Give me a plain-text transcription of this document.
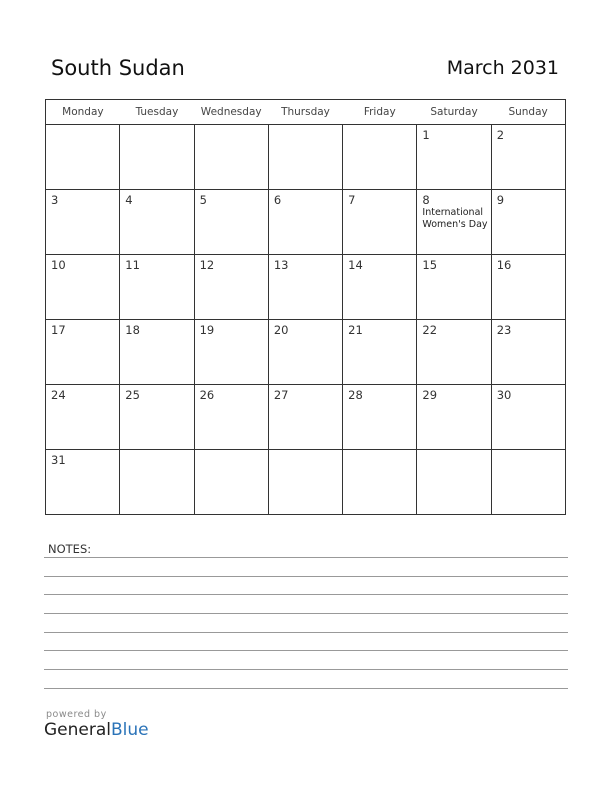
South Sudan	March 2031
Monday	Tuesday	Wednesday	Thursday	Friday	Saturday	Sunday

					1	2

3	4	5	6	7	8
International Women's Day	9

10	11	12	13	14	15	16

17	18	19	20	21	22	23

24	25	26	27	28	29	30

31						

NOTES:
powered by
GeneralBlue
